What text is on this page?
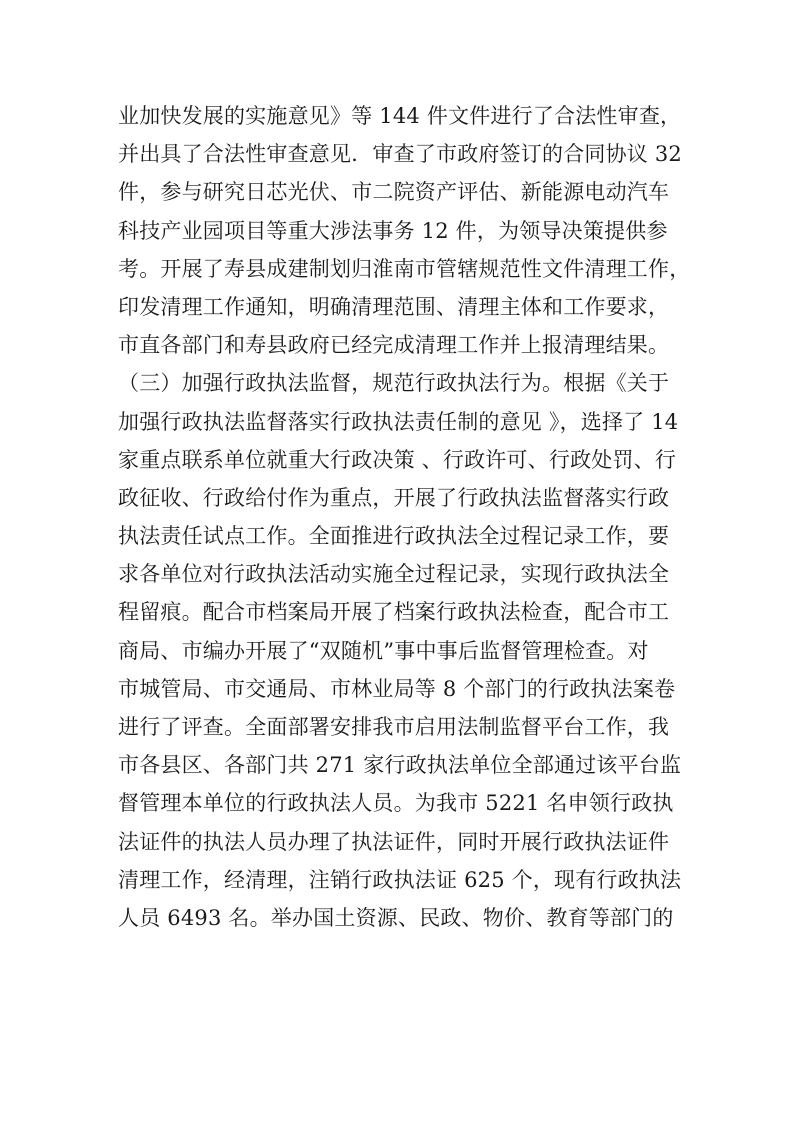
业加快发展的实施意见》等 144 件文件进行了合法性审查，
并出具了合法性审查意见．审查了市政府签订的合同协议 32
件，参与研究日芯光伏、市二院资产评估、新能源电动汽车
科技产业园项目等重大涉法事务 12 件，为领导决策提供参
考。开展了寿县成建制划归淮南市管辖规范性文件清理工作，
印发清理工作通知，明确清理范围、清理主体和工作要求，
市直各部门和寿县政府已经完成清理工作并上报清理结果。
（三）加强行政执法监督，规范行政执法行为。根据《关于
加强行政执法监督落实行政执法责任制的意见 》，选择了 14
家重点联系单位就重大行政决策 、行政许可、行政处罚、行
政征收、行政给付作为重点，开展了行政执法监督落实行政
执法责任试点工作。全面推进行政执法全过程记录工作，要
求各单位对行政执法活动实施全过程记录，实现行政执法全
程留痕。配合市档案局开展了档案行政执法检查，配合市工
商局、市编办开展了“双随机”事中事后监督管理检查。对
市城管局、市交通局、市林业局等 8 个部门的行政执法案卷
进行了评查。全面部署安排我市启用法制监督平台工作，我
市各县区、各部门共 271 家行政执法单位全部通过该平台监
督管理本单位的行政执法人员。为我市 5221 名申领行政执
法证件的执法人员办理了执法证件，同时开展行政执法证件
清理工作，经清理，注销行政执法证 625 个，现有行政执法
人员 6493 名。举办国土资源、民政、物价、教育等部门的
